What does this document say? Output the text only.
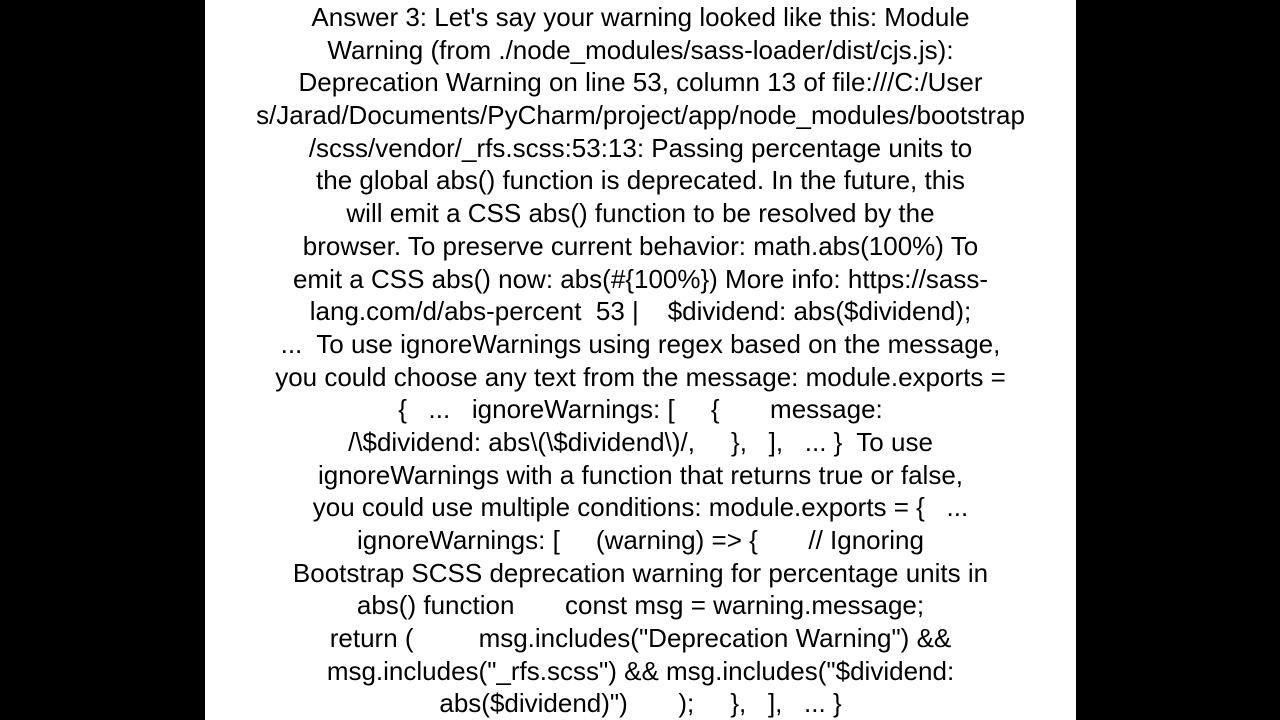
Answer 3: Let's say your warning looked like this: Module
Warning (from ./node_modules/sass-loader/dist/cjs.js):
Deprecation Warning on line 53, column 13 of file:///C:/User
s/Jarad/Documents/PyCharm/project/app/node_modules/bootstrap
/scss/vendor/_rfs.scss:53:13: Passing percentage units to
the global abs() function is deprecated. In the future, this
will emit a CSS abs() function to be resolved by the
browser. To preserve current behavior: math.abs(100%) To
emit a CSS abs() now: abs(#{100%}) More info: https://sass-
lang.com/d/abs-percent  53 |    $dividend: abs($dividend);
...  To use ignoreWarnings using regex based on the message,
you could choose any text from the message: module.exports =
{   ...   ignoreWarnings: [     {       message:
/\$dividend: abs\(\$dividend\)/,     },   ],   ... }  To use
ignoreWarnings with a function that returns true or false,
you could use multiple conditions: module.exports = {   ...
ignoreWarnings: [     (warning) => {       // Ignoring
Bootstrap SCSS deprecation warning for percentage units in
abs() function       const msg = warning.message;
return (         msg.includes("Deprecation Warning") &&
msg.includes("_rfs.scss") && msg.includes("$dividend:
abs($dividend)")       );     },   ],   ... }
